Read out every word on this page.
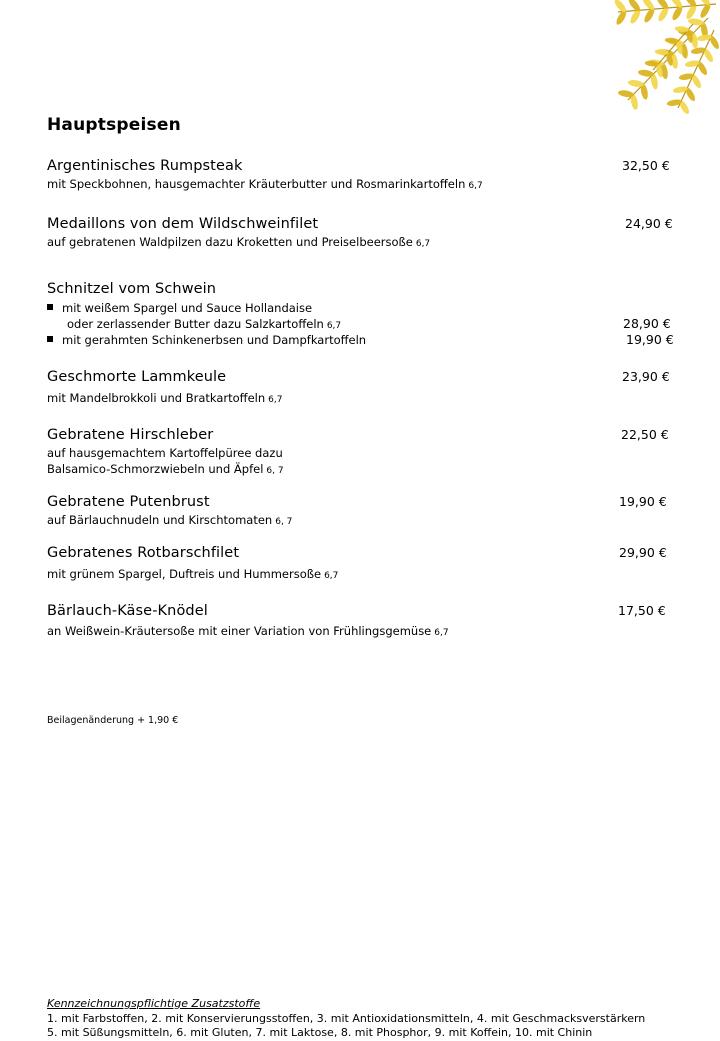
Hauptspeisen
Argentinisches Rumpsteak
mit Speckbohnen, hausgemachter Kräuterbutter und Rosmarinkartoffeln 6,7
32,50 €
Medaillons von dem Wildschweinfilet
auf gebratenen Waldpilzen dazu Kroketten und Preiselbeersoße 6,7
24,90 €
Schnitzel vom Schwein
mit weißem Spargel und Sauce Hollandaise
oder zerlassender Butter dazu Salzkartoffeln 6,7	28,90 €
mit gerahmten Schinkenerbsen und Dampfkartoffeln	19,90 €
Geschmorte Lammkeule
mit Mandelbrokkoli und Bratkartoffeln 6,7
23,90 €
Gebratene Hirschleber
auf hausgemachtem Kartoffelpüree dazu
Balsamico-Schmorzwiebeln und Äpfel 6, 7
22,50 €
Gebratene Putenbrust
auf Bärlauchnudeln und Kirschtomaten 6, 7
19,90 €
Gebratenes Rotbarschfilet
mit grünem Spargel, Duftreis und Hummersoße 6,7
29,90 €
Bärlauch-Käse-Knödel
an Weißwein-Kräutersoße mit einer Variation von Frühlingsgemüse 6,7
17,50 €
Beilagenänderung + 1,90 €
Kennzeichnungspflichtige Zusatzstoffe
1. mit Farbstoffen, 2. mit Konservierungsstoffen, 3. mit Antioxidationsmitteln, 4. mit Geschmacksverstärkern
5. mit Süßungsmitteln, 6. mit Gluten, 7. mit Laktose, 8. mit Phosphor, 9. mit Koffein, 10. mit Chinin
